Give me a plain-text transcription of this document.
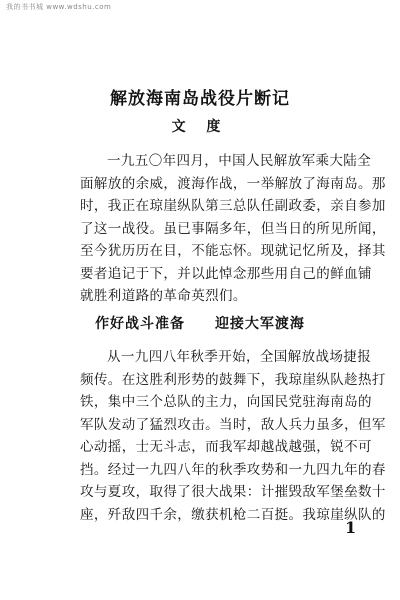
我的书书城 www.wdshu.com
解放海南岛战役片断记
文 度
一九五〇年四月，中国人民解放军乘大陆全
面解放的余威，渡海作战，一举解放了海南岛。那
时，我正在琼崖纵队第三总队任副政委，亲自参加
了这一战役。虽已事隔多年，但当日的所见所闻，
至今犹历历在目，不能忘怀。现就记忆所及，择其
要者追记于下，并以此悼念那些用自己的鲜血铺
就胜利道路的革命英烈们。
作好战斗准备 迎接大军渡海
从一九四八年秋季开始，全国解放战场捷报
频传。在这胜利形势的鼓舞下，我琼崖纵队趁热打
铁，集中三个总队的主力，向国民党驻海南岛的
军队发动了猛烈攻击。当时，敌人兵力虽多，但军
心动摇，士无斗志，而我军却越战越强，锐不可
挡。经过一九四八年的秋季攻势和一九四九年的春
攻与夏攻，取得了很大战果：计摧毁敌军堡垒数十
座，歼敌四千余，缴获机枪二百挺。我琼崖纵队的
1
